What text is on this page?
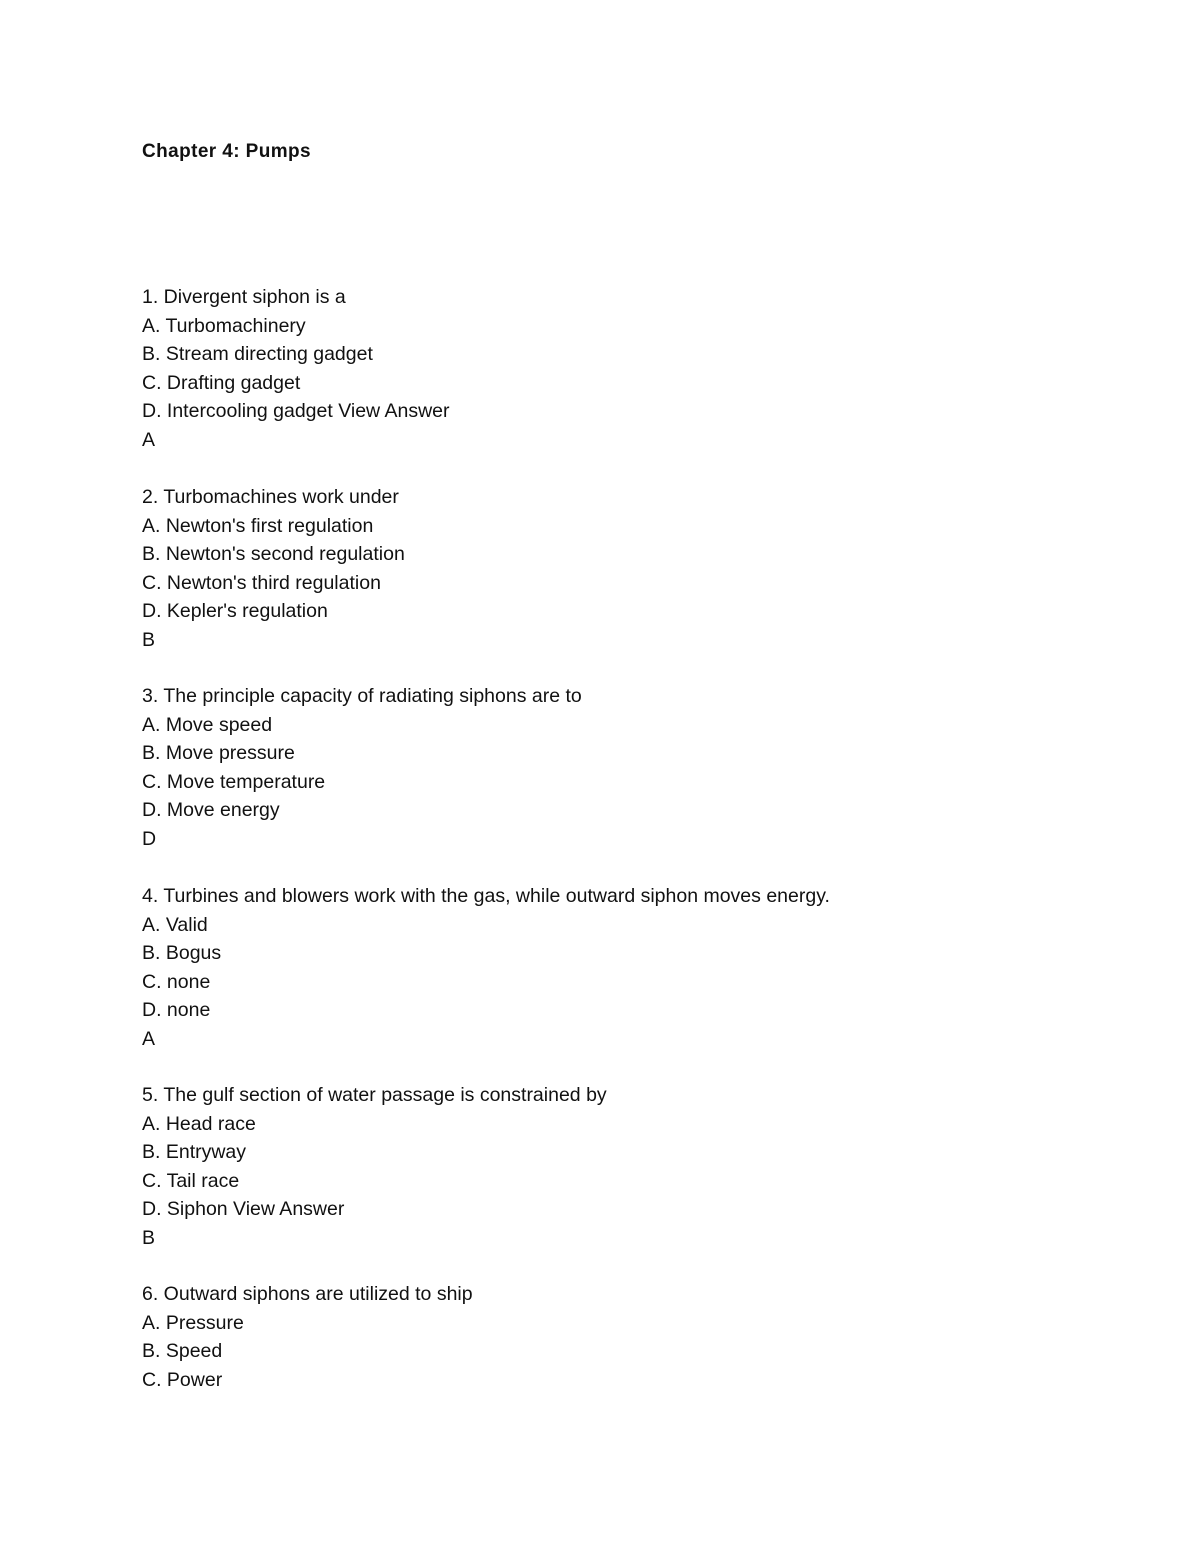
Chapter 4: Pumps
1. Divergent siphon is a
A. Turbomachinery
B. Stream directing gadget
C. Drafting gadget
D. Intercooling gadget View Answer
A
2. Turbomachines work under
A. Newton's first regulation
B. Newton's second regulation
C. Newton's third regulation
D. Kepler's regulation
B
3. The principle capacity of radiating siphons are to
A. Move speed
B. Move pressure
C. Move temperature
D. Move energy
D
4. Turbines and blowers work with the gas, while outward siphon moves energy.
A. Valid
B. Bogus
C. none
D. none
A
5. The gulf section of water passage is constrained by
A. Head race
B. Entryway
C. Tail race
D. Siphon View Answer
B
6. Outward siphons are utilized to ship
A. Pressure
B. Speed
C. Power
